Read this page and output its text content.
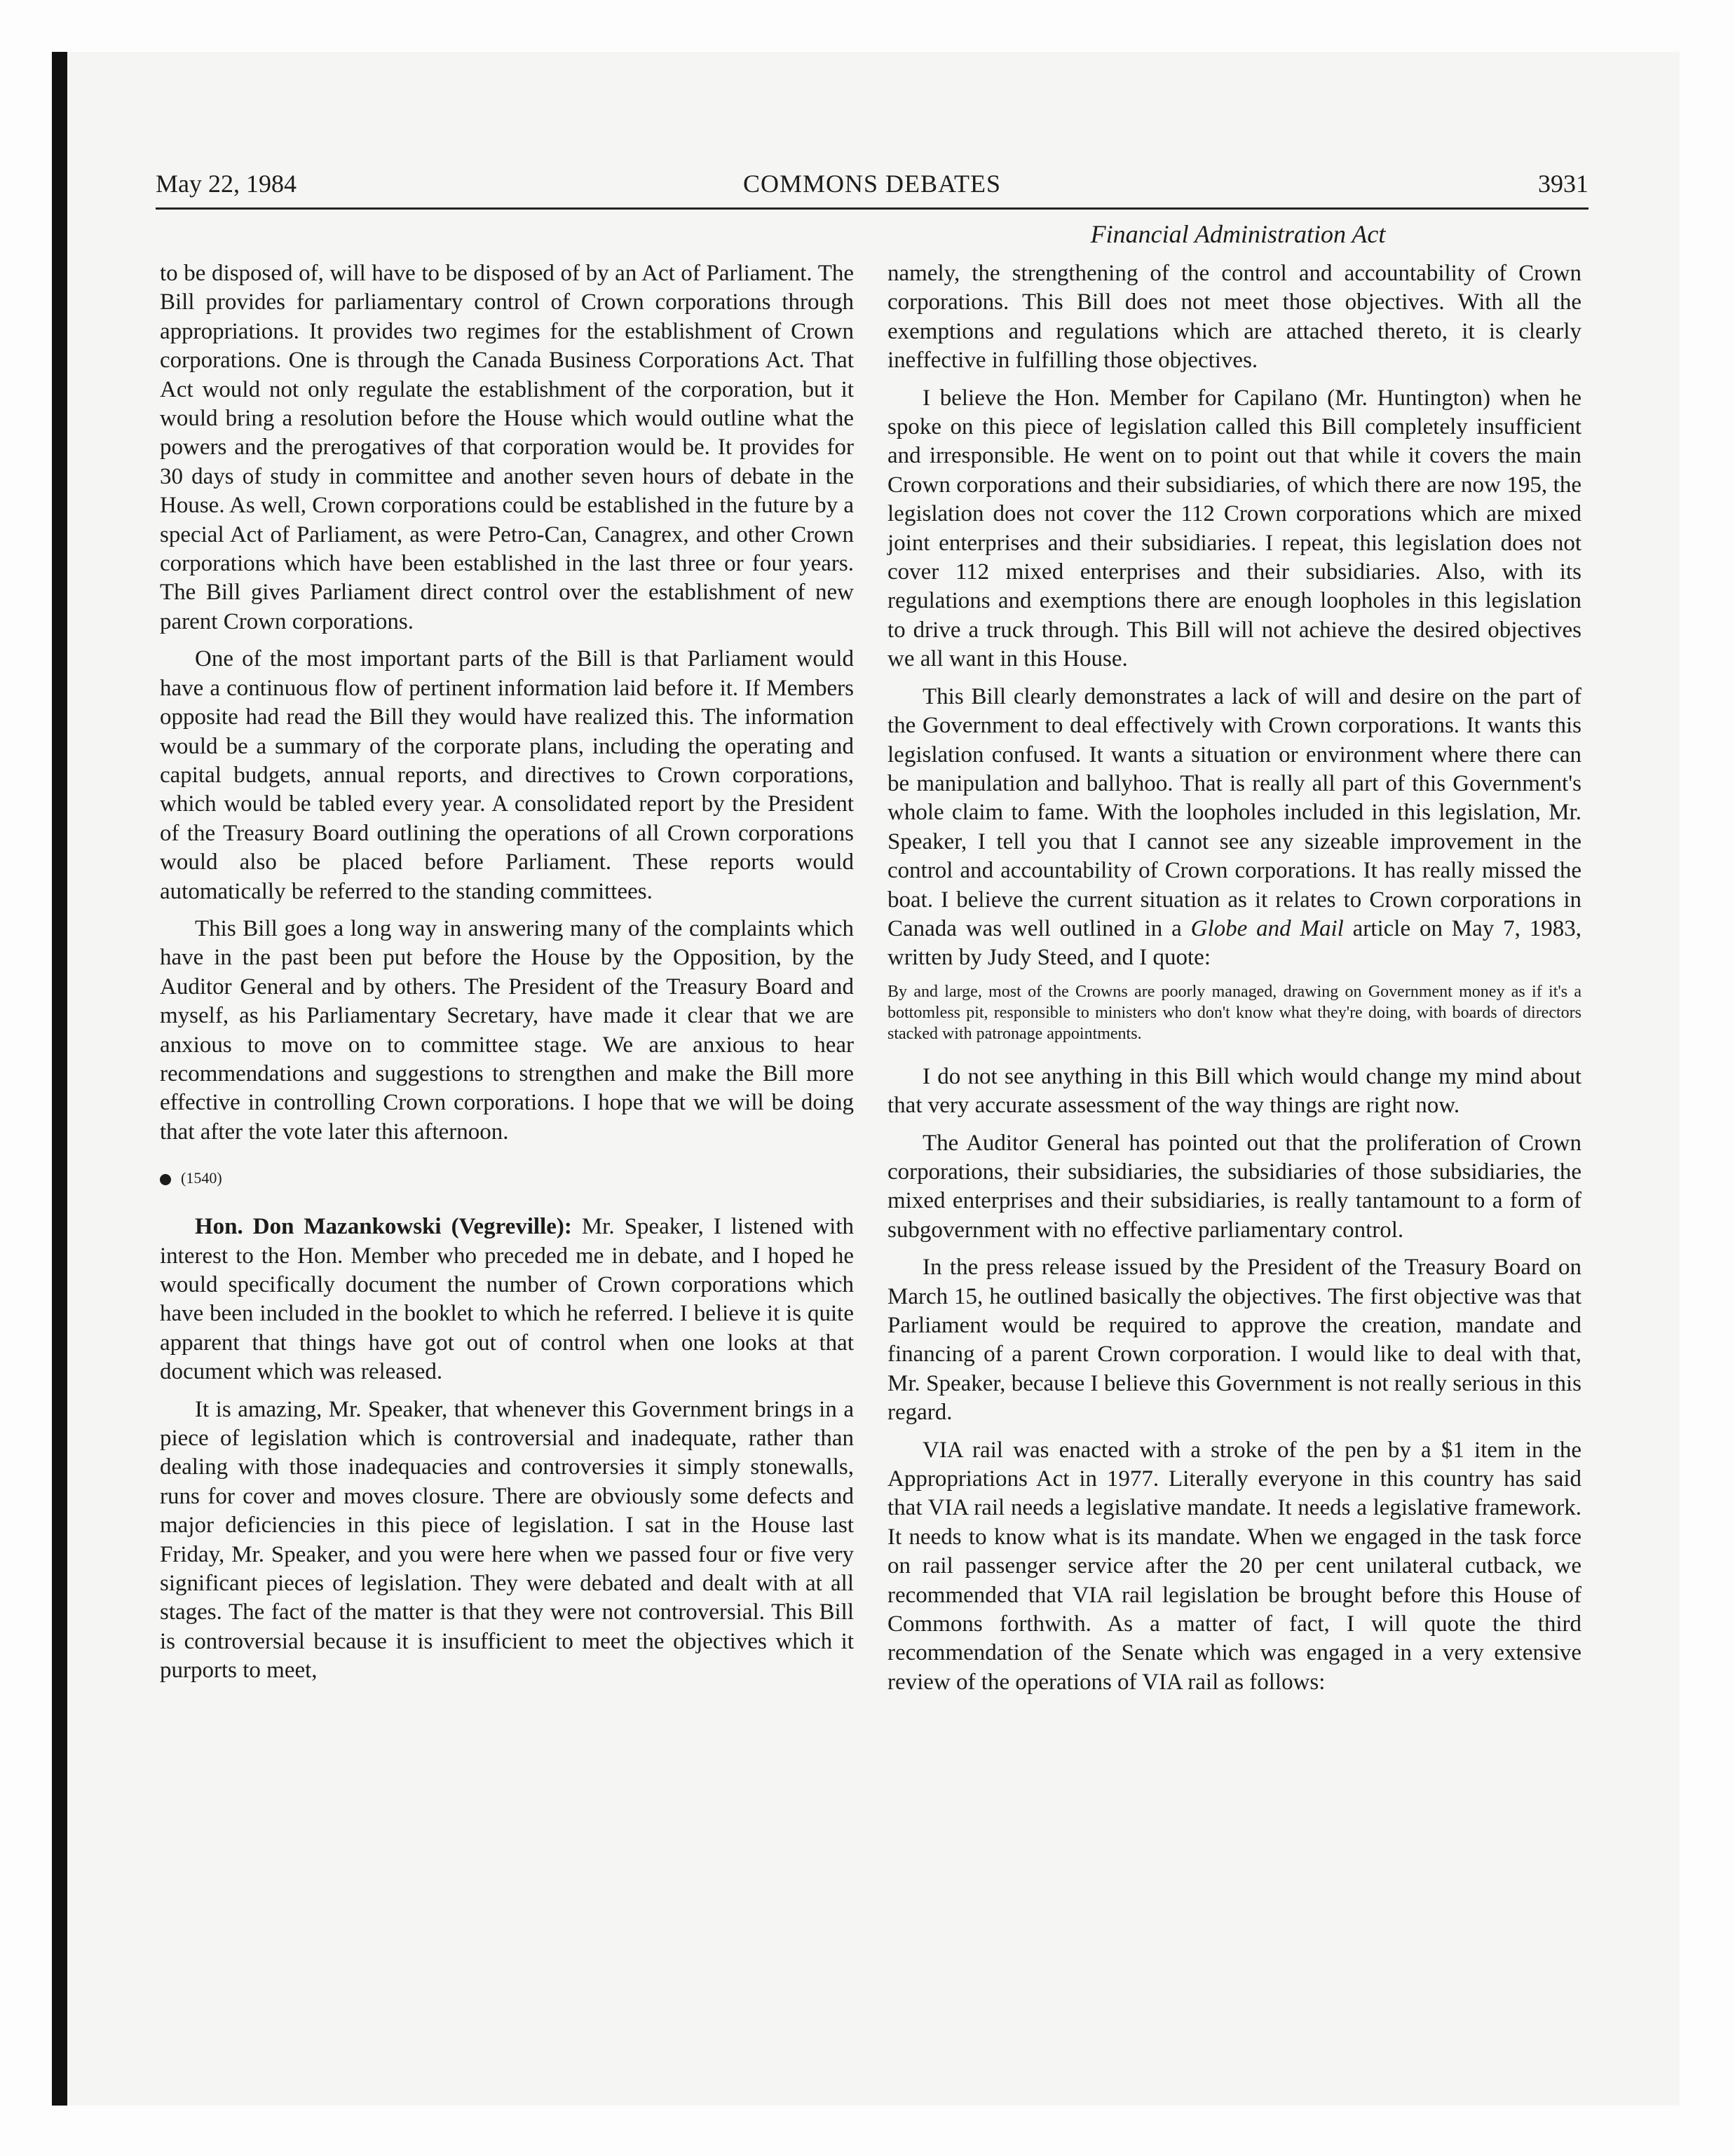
May 22, 1984	COMMONS DEBATES	3931
Financial Administration Act

to be disposed of, will have to be disposed of by an Act of Parliament. The Bill provides for parliamentary control of Crown corporations through appropriations. It provides two regimes for the establishment of Crown corporations. One is through the Canada Business Corporations Act. That Act would not only regulate the establishment of the corporation, but it would bring a resolution before the House which would outline what the powers and the prerogatives of that corporation would be. It provides for 30 days of study in committee and another seven hours of debate in the House. As well, Crown corporations could be established in the future by a special Act of Parliament, as were Petro-Can, Canagrex, and other Crown corporations which have been established in the last three or four years. The Bill gives Parliament direct control over the establishment of new parent Crown corporations.

One of the most important parts of the Bill is that Parliament would have a continuous flow of pertinent information laid before it. If Members opposite had read the Bill they would have realized this. The information would be a summary of the corporate plans, including the operating and capital budgets, annual reports, and directives to Crown corporations, which would be tabled every year. A consolidated report by the President of the Treasury Board outlining the operations of all Crown corporations would also be placed before Parliament. These reports would automatically be referred to the standing committees.

This Bill goes a long way in answering many of the complaints which have in the past been put before the House by the Opposition, by the Auditor General and by others. The President of the Treasury Board and myself, as his Parliamentary Secretary, have made it clear that we are anxious to move on to committee stage. We are anxious to hear recommendations and suggestions to strengthen and make the Bill more effective in controlling Crown corporations. I hope that we will be doing that after the vote later this afternoon.

(1540)

Hon. Don Mazankowski (Vegreville): Mr. Speaker, I listened with interest to the Hon. Member who preceded me in debate, and I hoped he would specifically document the number of Crown corporations which have been included in the booklet to which he referred. I believe it is quite apparent that things have got out of control when one looks at that document which was released.

It is amazing, Mr. Speaker, that whenever this Government brings in a piece of legislation which is controversial and inadequate, rather than dealing with those inadequacies and controversies it simply stonewalls, runs for cover and moves closure. There are obviously some defects and major deficiencies in this piece of legislation. I sat in the House last Friday, Mr. Speaker, and you were here when we passed four or five very significant pieces of legislation. They were debated and dealt with at all stages. The fact of the matter is that they were not controversial. This Bill is controversial because it is insufficient to meet the objectives which it purports to meet,

namely, the strengthening of the control and accountability of Crown corporations. This Bill does not meet those objectives. With all the exemptions and regulations which are attached thereto, it is clearly ineffective in fulfilling those objectives.

I believe the Hon. Member for Capilano (Mr. Huntington) when he spoke on this piece of legislation called this Bill completely insufficient and irresponsible. He went on to point out that while it covers the main Crown corporations and their subsidiaries, of which there are now 195, the legislation does not cover the 112 Crown corporations which are mixed joint enterprises and their subsidiaries. I repeat, this legislation does not cover 112 mixed enterprises and their subsidiaries. Also, with its regulations and exemptions there are enough loopholes in this legislation to drive a truck through. This Bill will not achieve the desired objectives we all want in this House.

This Bill clearly demonstrates a lack of will and desire on the part of the Government to deal effectively with Crown corporations. It wants this legislation confused. It wants a situation or environment where there can be manipulation and ballyhoo. That is really all part of this Government's whole claim to fame. With the loopholes included in this legislation, Mr. Speaker, I tell you that I cannot see any sizeable improvement in the control and accountability of Crown corporations. It has really missed the boat. I believe the current situation as it relates to Crown corporations in Canada was well outlined in a Globe and Mail article on May 7, 1983, written by Judy Steed, and I quote:

By and large, most of the Crowns are poorly managed, drawing on Government money as if it's a bottomless pit, responsible to ministers who don't know what they're doing, with boards of directors stacked with patronage appointments.

I do not see anything in this Bill which would change my mind about that very accurate assessment of the way things are right now.

The Auditor General has pointed out that the proliferation of Crown corporations, their subsidiaries, the subsidiaries of those subsidiaries, the mixed enterprises and their subsidiaries, is really tantamount to a form of subgovernment with no effective parliamentary control.

In the press release issued by the President of the Treasury Board on March 15, he outlined basically the objectives. The first objective was that Parliament would be required to approve the creation, mandate and financing of a parent Crown corporation. I would like to deal with that, Mr. Speaker, because I believe this Government is not really serious in this regard.

VIA rail was enacted with a stroke of the pen by a $1 item in the Appropriations Act in 1977. Literally everyone in this country has said that VIA rail needs a legislative mandate. It needs a legislative framework. It needs to know what is its mandate. When we engaged in the task force on rail passenger service after the 20 per cent unilateral cutback, we recommended that VIA rail legislation be brought before this House of Commons forthwith. As a matter of fact, I will quote the third recommendation of the Senate which was engaged in a very extensive review of the operations of VIA rail as follows:
